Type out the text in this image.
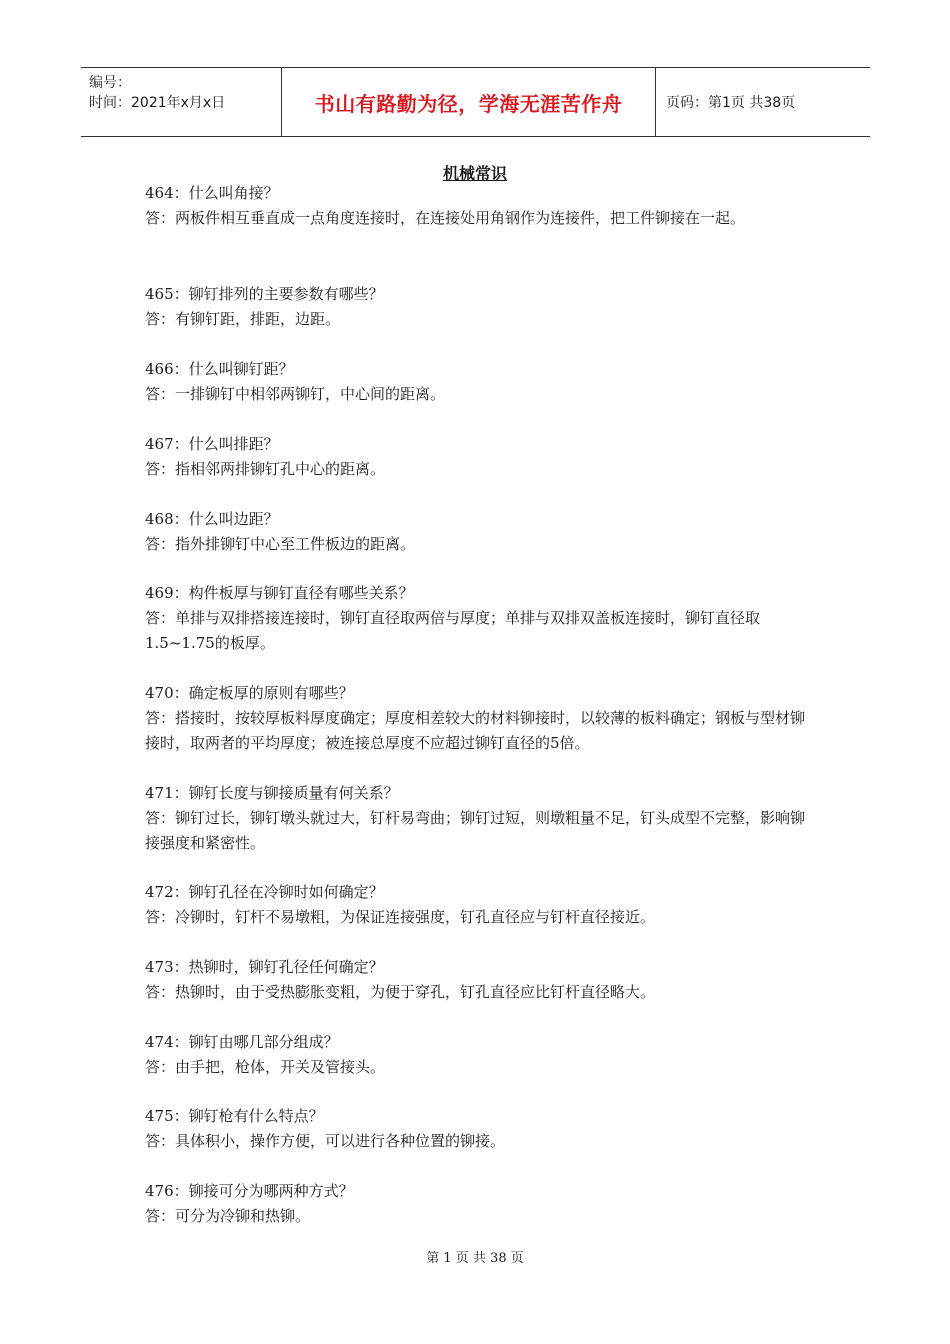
编号：
时间：2021年x月x日	书山有路勤为径，学海无涯苦作舟	页码：第1页 共38页
机械常识

464：什么叫角接？

答：两板件相互垂直成一点角度连接时，在连接处用角钢作为连接件，把工件铆接在一起。

465：铆钉排列的主要参数有哪些？

答：有铆钉距，排距，边距。

466：什么叫铆钉距？

答：一排铆钉中相邻两铆钉，中心间的距离。

467：什么叫排距？

答：指相邻两排铆钉孔中心的距离。

468：什么叫边距？

答：指外排铆钉中心至工件板边的距离。

469：构件板厚与铆钉直径有哪些关系？

答：单排与双排搭接连接时，铆钉直径取两倍与厚度；单排与双排双盖板连接时，铆钉直径取1.5~1.75的板厚。

470：确定板厚的原则有哪些？

答：搭接时，按较厚板料厚度确定；厚度相差较大的材料铆接时，以较薄的板料确定；钢板与型材铆接时，取两者的平均厚度；被连接总厚度不应超过铆钉直径的5倍。

471：铆钉长度与铆接质量有何关系？

答：铆钉过长，铆钉墩头就过大，钉杆易弯曲；铆钉过短，则墩粗量不足，钉头成型不完整，影响铆接强度和紧密性。

472：铆钉孔径在冷铆时如何确定？

答：冷铆时，钉杆不易墩粗，为保证连接强度，钉孔直径应与钉杆直径接近。

473：热铆时，铆钉孔径任何确定？

答：热铆时，由于受热膨胀变粗，为便于穿孔，钉孔直径应比钉杆直径略大。

474：铆钉由哪几部分组成？

答：由手把，枪体，开关及管接头。

475：铆钉枪有什么特点？

答：具体积小，操作方便，可以进行各种位置的铆接。

476：铆接可分为哪两种方式？

答：可分为冷铆和热铆。

第 1 页 共 38 页
